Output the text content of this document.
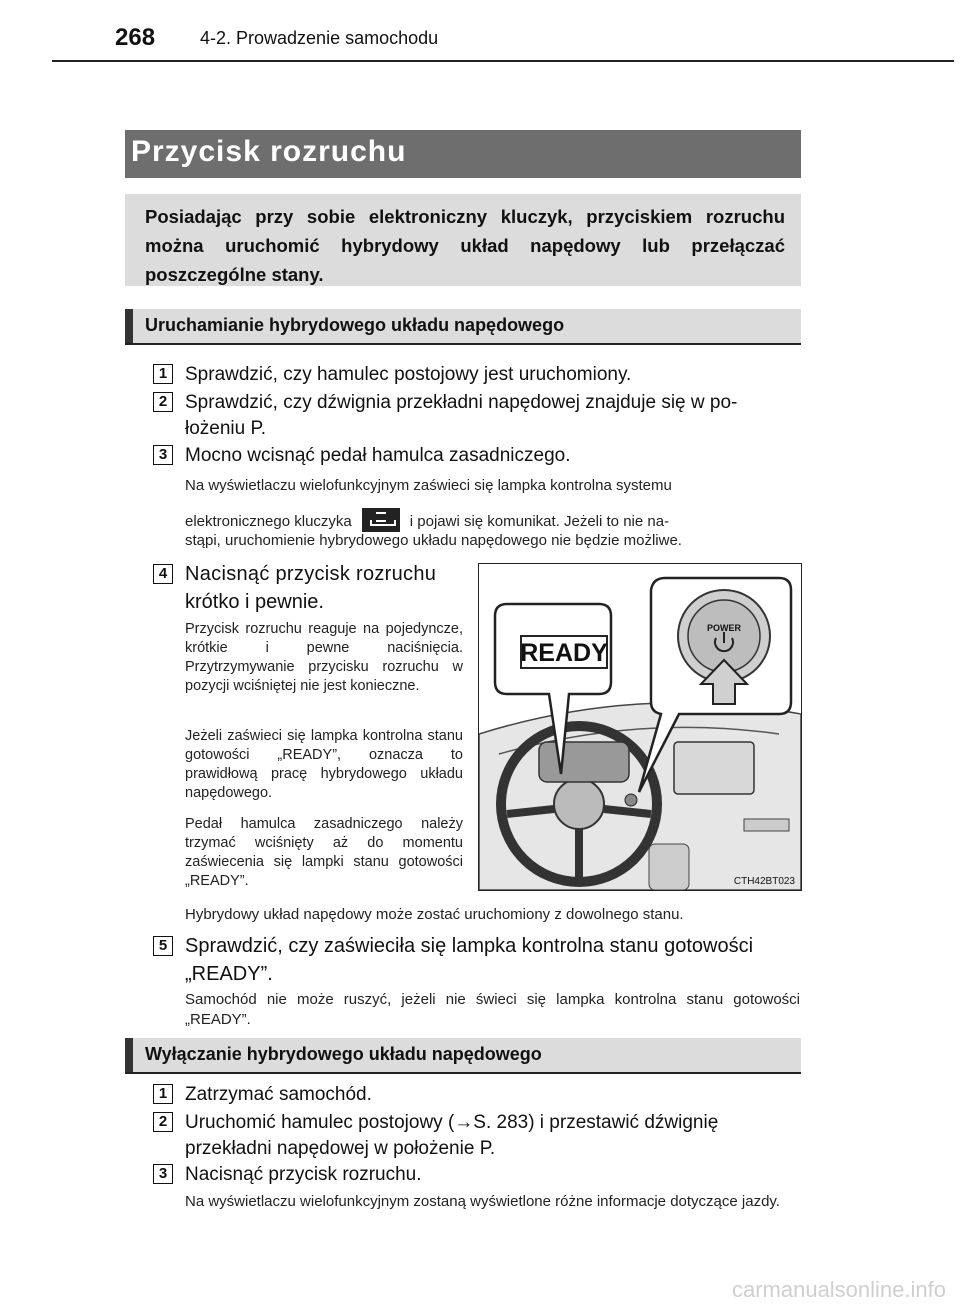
268 4-2. Prowadzenie samochodu
Przycisk rozruchu
Posiadając przy sobie elektroniczny kluczyk, przyciskiem rozruchu można uruchomić hybrydowy układ napędowy lub przełączać poszczególne stany.
Uruchamianie hybrydowego układu napędowego
1 Sprawdzić, czy hamulec postojowy jest uruchomiony.
2 Sprawdzić, czy dźwignia przekładni napędowej znajduje się w po-
łożeniu P.
3 Mocno wcisnąć pedał hamulca zasadniczego.
Na wyświetlaczu wielofunkcyjnym zaświeci się lampka kontrolna systemu
elektronicznego kluczyka	i pojawi się komunikat. Jeżeli to nie na-
stąpi, uruchomienie hybrydowego układu napędowego nie będzie możliwe.
4 Nacisnąć przycisk rozruchu
krótko i pewnie.
Przycisk rozruchu reaguje na pojedyncze, krótkie i pewne naciśnięcia. Przytrzymywanie przycisku rozruchu w pozycji wciśniętej nie jest konieczne.
Jeżeli zaświeci się lampka kontrolna stanu gotowości „READY”, oznacza to prawidłową pracę hybrydowego układu napędowego.
Pedał hamulca zasadniczego należy trzymać wciśnięty aż do momentu zaświecenia się lampki stanu gotowości „READY”.
READY
POWER
CTH42BT023
Hybrydowy układ napędowy może zostać uruchomiony z dowolnego stanu.
5 Sprawdzić, czy zaświeciła się lampka kontrolna stanu gotowości
„READY”.
Samochód nie może ruszyć, jeżeli nie świeci się lampka kontrolna stanu gotowości „READY”.
Wyłączanie hybrydowego układu napędowego
1 Zatrzymać samochód.
2 Uruchomić hamulec postojowy (→S. 283) i przestawić dźwignię
przekładni napędowej w położenie P.
3 Nacisnąć przycisk rozruchu.
Na wyświetlaczu wielofunkcyjnym zostaną wyświetlone różne informacje dotyczące jazdy.
carmanualsonline.info
